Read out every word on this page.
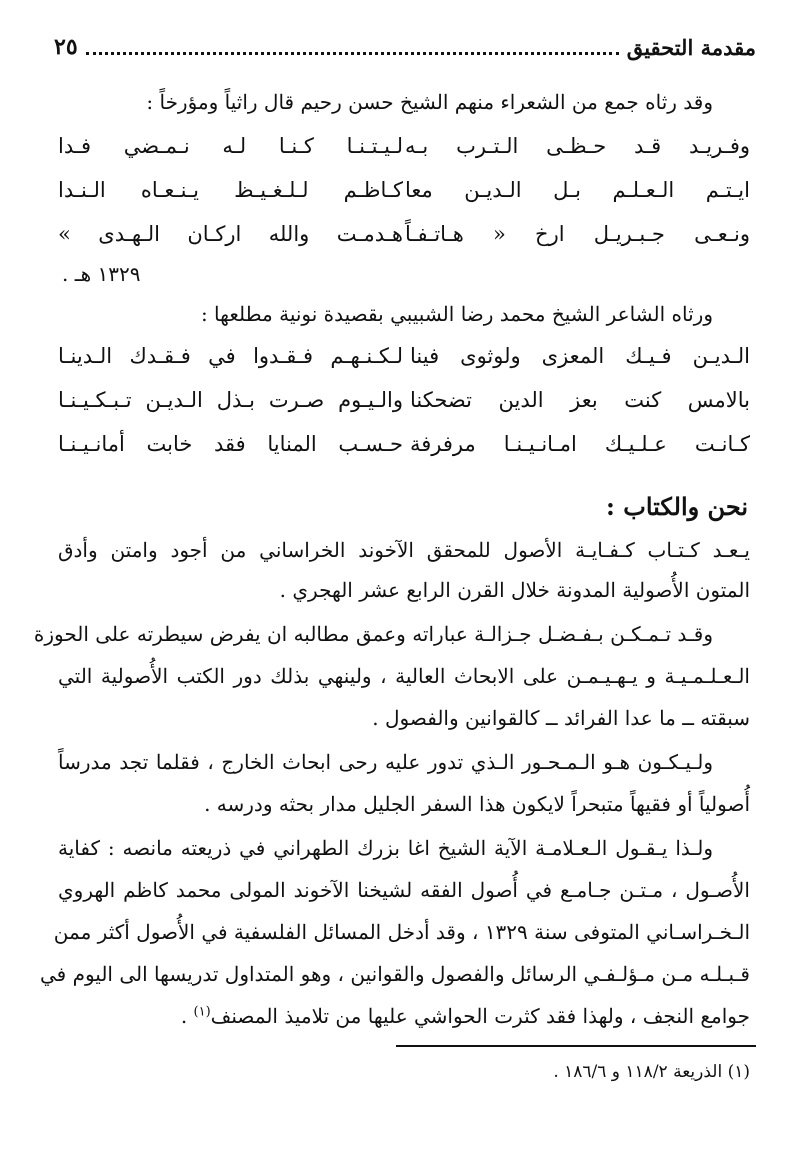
مقدمة التحقيق
٢٥
وقد رثاه جمع من الشعراء منهم الشيخ حسن رحيم قال راثياً ومؤرخاً :
وفـريـد قـد حـظـى الـتـرب بـه
لـيـتـنـا كـنـا لـه نـمـضي فـدا
ايـتـم الـعـلـم بـل الـديـن معا
كـاظـم لـلـغـيـظ يـنـعـاه الـنـدا
ونـعـى جـبـريـل ارخ « هـاتـفـاً
هـدمـت والله اركـان الـهـدى »
١٣٢٩ هـ .
ورثاه الشاعر الشيخ محمد رضا الشبيبي بقصيدة نونية مطلعها :
الـديـن فـيـك المعزى ولوثوى فينا
لـكـنـهـم فـقـدوا في فـقـدك الـدينـا
بالامس كنت بعز الدين تضحكنا
والـيـوم صـرت بـذل الـديـن تـبـكـيـنـا
كـانـت عـلـيـك امـانـيـنـا مرفرفة
حـسـب المنايا فقد خابت أمانـيـنـا
نحن والكتاب :
يـعـد كـتـاب كـفـايـة الأصول للمحقق الآخوند الخراساني من أجود وامتن وأدق
المتون الأُصولية المدونة خلال القرن الرابع عشر الهجري .
وقـد تـمـكـن بـفـضـل جـزالـة عباراته وعمق مطالبه ان يفرض سيطرته على الحوزة
الـعـلـمـيـة و يـهـيـمـن على الابحاث العالية ، ولينهي بذلك دور الكتب الأُصولية التي
سبقته ــ ما عدا الفرائد ــ كالقوانين والفصول .
ولـيـكـون هـو الـمـحـور الـذي تدور عليه رحى ابحاث الخارج ، فقلما تجد مدرساً
أُصولياً أو فقيهاً متبحراً لايكون هذا السفر الجليل مدار بحثه ودرسه .
ولـذا يـقـول الـعـلامـة الآية الشيخ اغا بزرك الطهراني في ذريعته مانصه : كفاية
الأُصـول ، مـتـن جـامـع في أُصول الفقه لشيخنا الآخوند المولى محمد كاظم الهروي
الـخـراسـاني المتوفى سنة ١٣٢٩ ، وقد أدخل المسائل الفلسفية في الأُصول أكثر ممن
قـبـلـه مـن مـؤلـفـي الرسائل والفصول والقوانين ، وهو المتداول تدريسها الى اليوم في
جوامع النجف ، ولهذا فقد كثرت الحواشي عليها من تلاميذ المصنف$^{(١)}$ .
(١) الذريعة ١١٨/٢ و ١٨٦/٦ .
